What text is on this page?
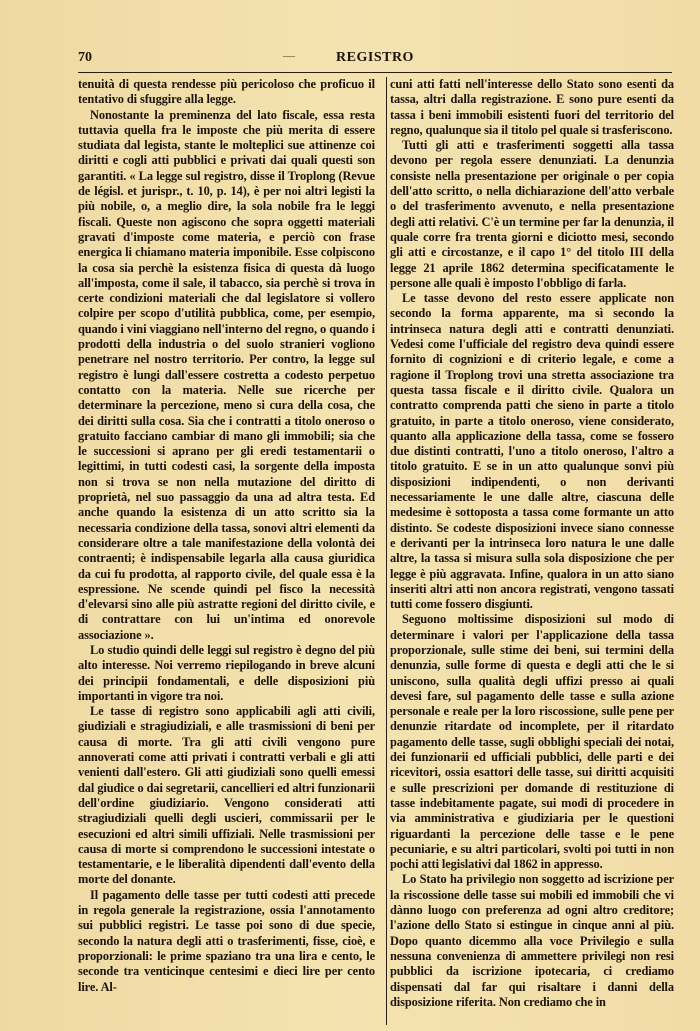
70	—	REGISTRO

tenuità di questa rendesse più pericoloso che proficuo il tentativo di sfuggire alla legge.

Nonostante la preminenza del lato fiscale, essa resta tuttavia quella fra le imposte che più merita di essere studiata dal legista, stante le molteplici sue attinenze coi diritti e cogli atti pubblici e privati dai quali questi son garantiti. « La legge sul registro, disse il Troplong (Revue de législ. et jurispr., t. 10, p. 14), è per noi altri legisti la più nobile, o, a meglio dire, la sola nobile fra le leggi fiscali. Queste non agiscono che sopra oggetti materiali gravati d'imposte come materia, e perciò con frase energica li chiamano materia imponibile. Esse colpiscono la cosa sia perchè la esistenza fisica di questa dà luogo all'imposta, come il sale, il tabacco, sia perchè si trova in certe condizioni materiali che dal legislatore si vollero colpire per scopo d'utilità pubblica, come, per esempio, quando i vini viaggiano nell'interno del regno, o quando i prodotti della industria o del suolo stranieri vogliono penetrare nel nostro territorio. Per contro, la legge sul registro è lungi dall'essere costretta a codesto perpetuo contatto con la materia. Nelle sue ricerche per determinare la percezione, meno si cura della cosa, che dei diritti sulla cosa. Sia che i contratti a titolo oneroso o gratuito facciano cambiar di mano gli immobili; sia che le successioni si aprano per gli eredi testamentarii o legittimi, in tutti codesti casi, la sorgente della imposta non si trova se non nella mutazione del diritto di proprietà, nel suo passaggio da una ad altra testa. Ed anche quando la esistenza di un atto scritto sia la necessaria condizione della tassa, sonovi altri elementi da considerare oltre a tale manifestazione della volontà dei contraenti; è indispensabile legarla alla causa giuridica da cui fu prodotta, al rapporto civile, del quale essa è la espressione. Ne scende quindi pel fisco la necessità d'elevarsi sino alle più astratte regioni del diritto civile, e di contrattare con lui un'intima ed onorevole associazione ».

Lo studio quindi delle leggi sul registro è degno del più alto interesse. Noi verremo riepilogando in breve alcuni dei principii fondamentali, e delle disposizioni più importanti in vigore tra noi.

Le tasse di registro sono applicabili agli atti civili, giudiziali e stragiudiziali, e alle trasmissioni di beni per causa di morte. Tra gli atti civili vengono pure annoverati come atti privati i contratti verbali e gli atti venienti dall'estero. Gli atti giudiziali sono quelli emessi dal giudice o dai segretarii, cancellieri ed altri funzionarii dell'ordine giudiziario. Vengono considerati atti stragiudiziali quelli degli uscieri, commissarii per le esecuzioni ed altri simili uffiziali. Nelle trasmissioni per causa di morte si comprendono le successioni intestate o testamentarie, e le liberalità dipendenti dall'evento della morte del donante.

Il pagamento delle tasse per tutti codesti atti precede in regola generale la registrazione, ossia l'annotamento sui pubblici registri. Le tasse poi sono di due specie, secondo la natura degli atti o trasferimenti, fisse, cioè, e proporzionali: le prime spaziano tra una lira e cento, le seconde tra venticinque centesimi e dieci lire per cento lire. Al-

cuni atti fatti nell'interesse dello Stato sono esenti da tassa, altri dalla registrazione. E sono pure esenti da tassa i beni immobili esistenti fuori del territorio del regno, qualunque sia il titolo pel quale si trasferiscono.

Tutti gli atti e trasferimenti soggetti alla tassa devono per regola essere denunziati. La denunzia consiste nella presentazione per originale o per copia dell'atto scritto, o nella dichiarazione dell'atto verbale o del trasferimento avvenuto, e nella presentazione degli atti relativi. C'è un termine per far la denunzia, il quale corre fra trenta giorni e diciotto mesi, secondo gli atti e circostanze, e il capo 1° del titolo III della legge 21 aprile 1862 determina specificatamente le persone alle quali è imposto l'obbligo di farla.

Le tasse devono del resto essere applicate non secondo la forma apparente, ma sì secondo la intrinseca natura degli atti e contratti denunziati. Vedesi come l'ufficiale del registro deva quindi essere fornito di cognizioni e di criterio legale, e come a ragione il Troplong trovi una stretta associazione tra questa tassa fiscale e il diritto civile. Qualora un contratto comprenda patti che sieno in parte a titolo gratuito, in parte a titolo oneroso, viene considerato, quanto alla applicazione della tassa, come se fossero due distinti contratti, l'uno a titolo oneroso, l'altro a titolo gratuito. E se in un atto qualunque sonvi più disposizioni indipendenti, o non derivanti necessariamente le une dalle altre, ciascuna delle medesime è sottoposta a tassa come formante un atto distinto. Se codeste disposizioni invece siano connesse e derivanti per la intrinseca loro natura le une dalle altre, la tassa si misura sulla sola disposizione che per legge è più aggravata. Infine, qualora in un atto siano inseriti altri atti non ancora registrati, vengono tassati tutti come fossero disgiunti.

Seguono moltissime disposizioni sul modo di determinare i valori per l'applicazione della tassa proporzionale, sulle stime dei beni, sui termini della denunzia, sulle forme di questa e degli atti che le si uniscono, sulla qualità degli uffizi presso ai quali devesi fare, sul pagamento delle tasse e sulla azione personale e reale per la loro riscossione, sulle pene per denunzie ritardate od incomplete, per il ritardato pagamento delle tasse, sugli obblighi speciali dei notai, dei funzionarii ed ufficiali pubblici, delle parti e dei ricevitori, ossia esattori delle tasse, sui diritti acquisiti e sulle prescrizioni per domande di restituzione di tasse indebitamente pagate, sui modi di procedere in via amministrativa e giudiziaria per le questioni riguardanti la percezione delle tasse e le pene pecuniarie, e su altri particolari, svolti poi tutti in non pochi atti legislativi dal 1862 in appresso.

Lo Stato ha privilegio non soggetto ad iscrizione per la riscossione delle tasse sui mobili ed immobili che vi dànno luogo con preferenza ad ogni altro creditore; l'azione dello Stato si estingue in cinque anni al più. Dopo quanto dicemmo alla voce Privilegio e sulla nessuna convenienza di ammettere privilegi non resi pubblici da iscrizione ipotecaria, ci crediamo dispensati dal far qui risaltare i danni della disposizione riferita. Non crediamo che in
